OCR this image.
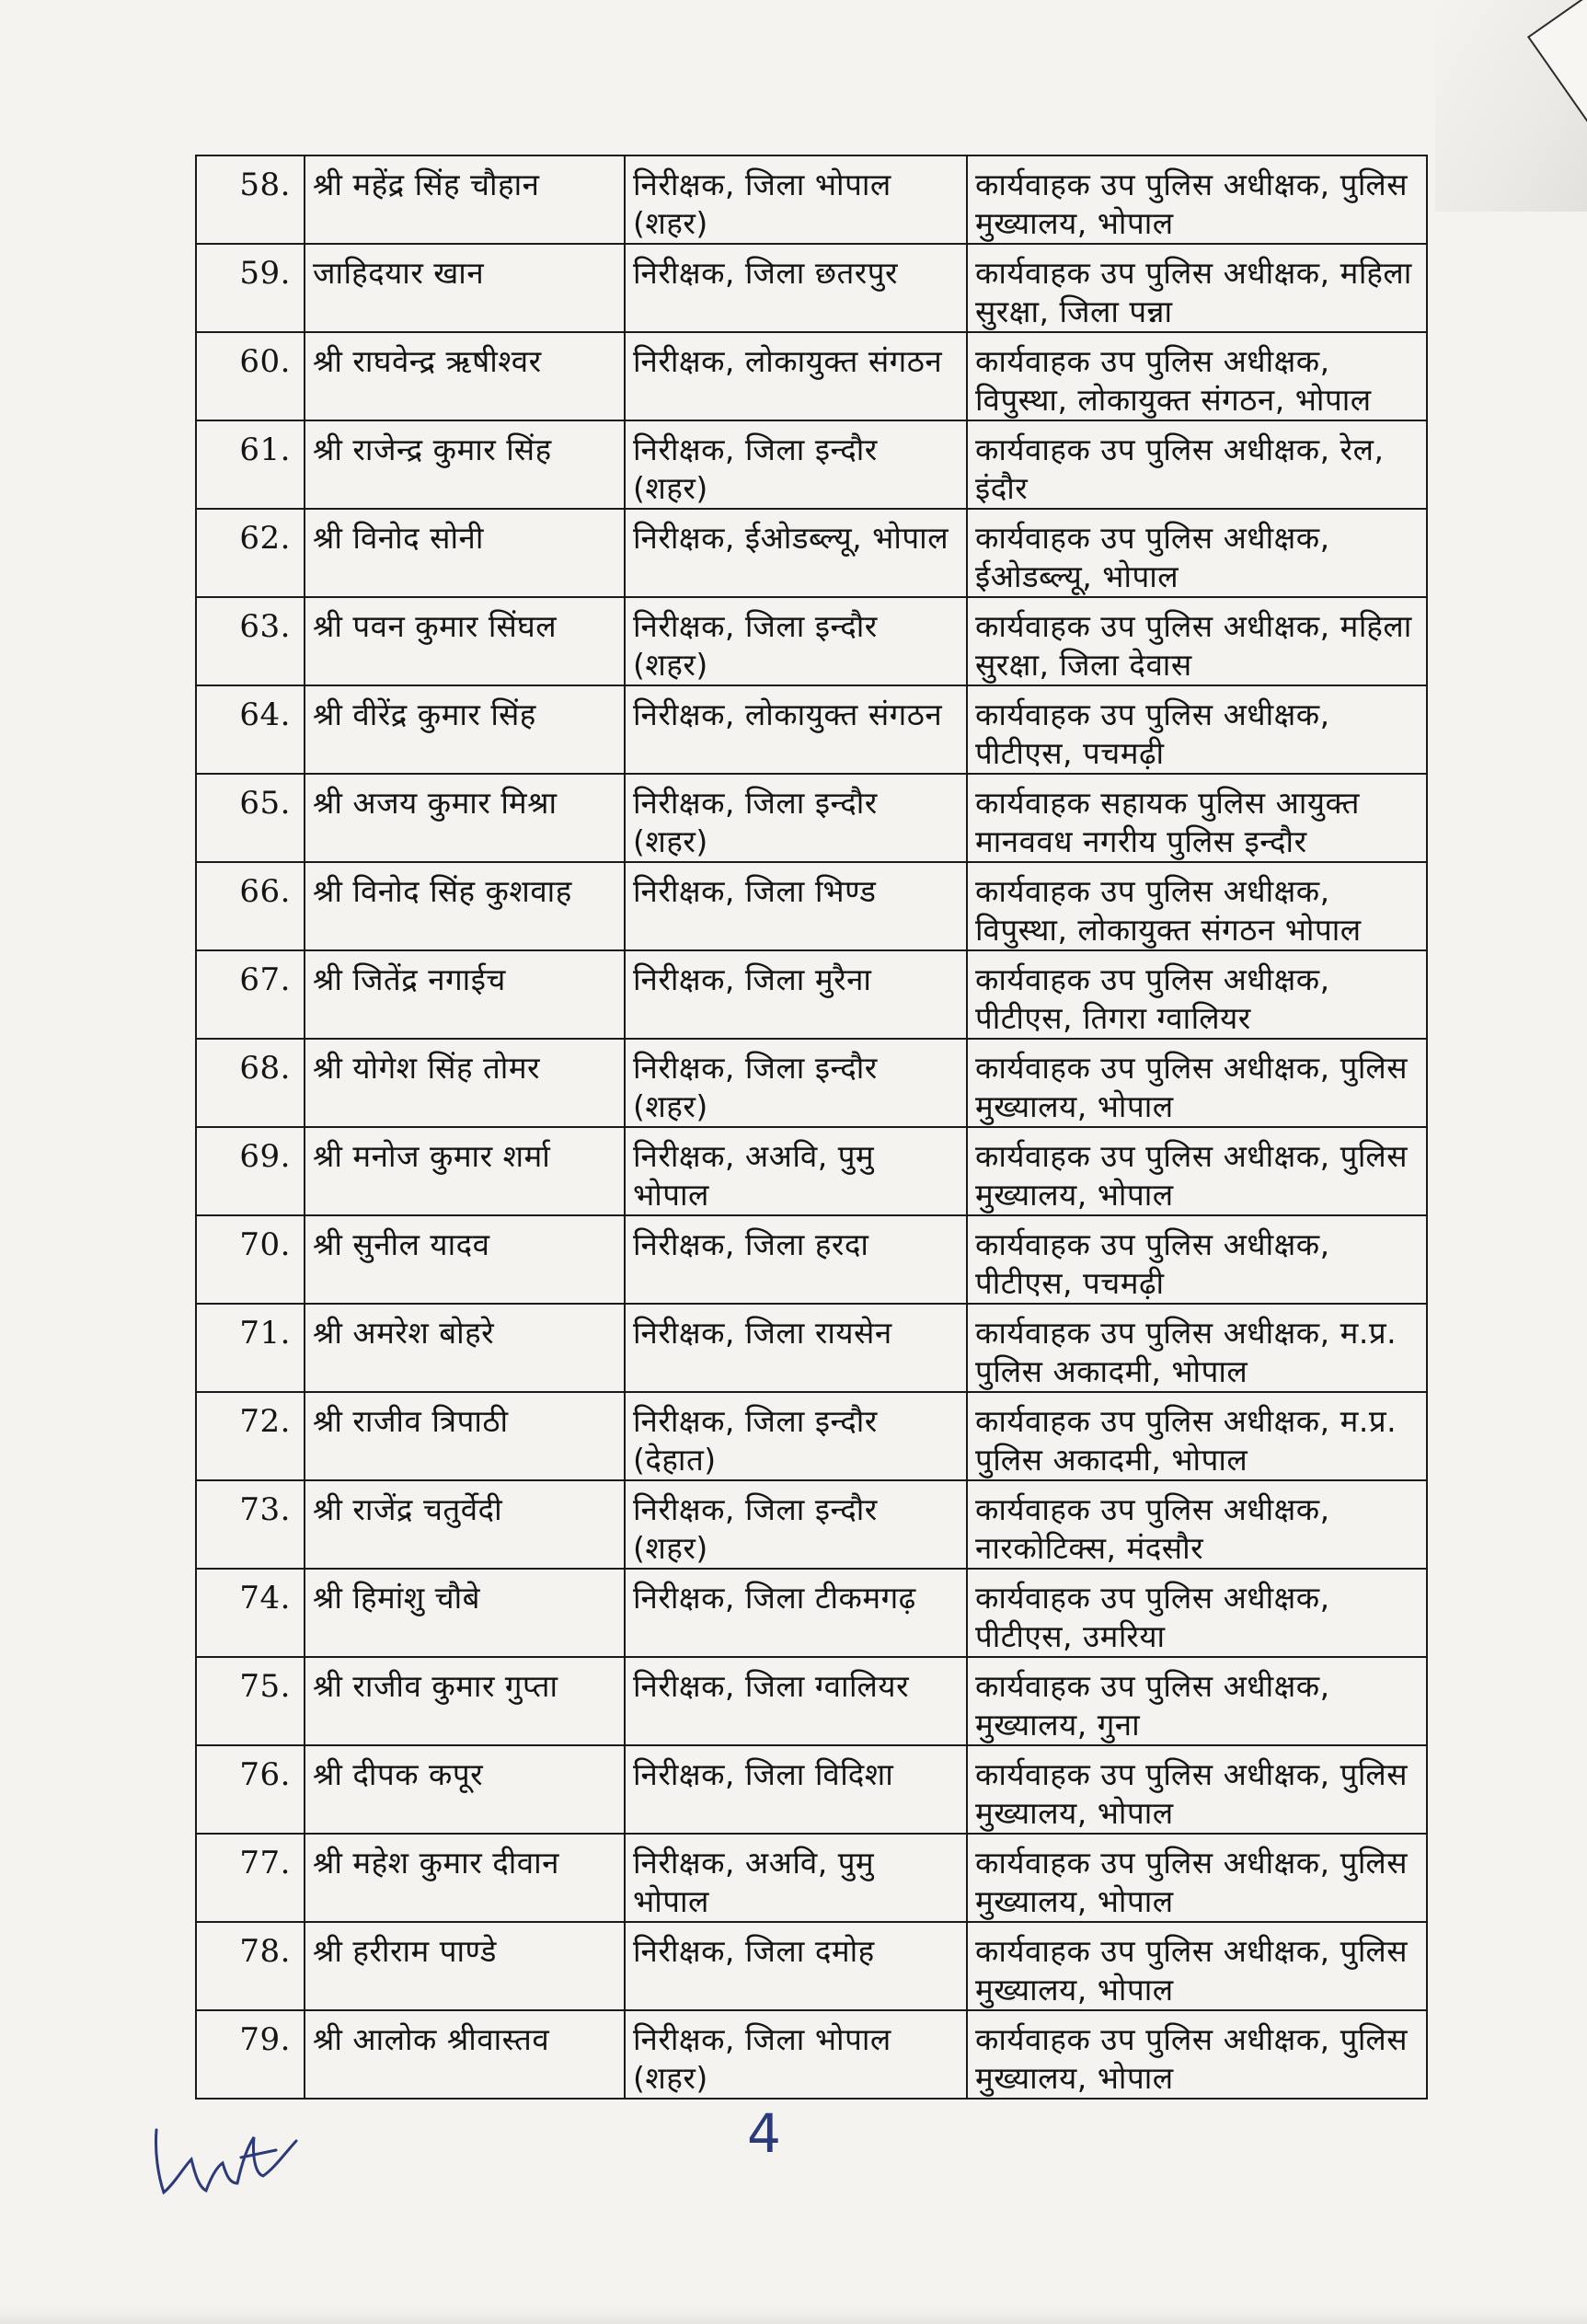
58.	श्री महेंद्र सिंह चौहान	निरीक्षक, जिला भोपाल (शहर)	कार्यवाहक उप पुलिस अधीक्षक, पुलिस मुख्यालय, भोपाल
59.	जाहिदयार खान	निरीक्षक, जिला छतरपुर	कार्यवाहक उप पुलिस अधीक्षक, महिला सुरक्षा, जिला पन्ना
60.	श्री राघवेन्द्र ऋषीश्वर	निरीक्षक, लोकायुक्त संगठन	कार्यवाहक उप पुलिस अधीक्षक, विपुस्था, लोकायुक्त संगठन, भोपाल
61.	श्री राजेन्द्र कुमार सिंह	निरीक्षक, जिला इन्दौर (शहर)	कार्यवाहक उप पुलिस अधीक्षक, रेल, इंदौर
62.	श्री विनोद सोनी	निरीक्षक, ईओडब्ल्यू, भोपाल	कार्यवाहक उप पुलिस अधीक्षक, ईओडब्ल्यू, भोपाल
63.	श्री पवन कुमार सिंघल	निरीक्षक, जिला इन्दौर (शहर)	कार्यवाहक उप पुलिस अधीक्षक, महिला सुरक्षा, जिला देवास
64.	श्री वीरेंद्र कुमार सिंह	निरीक्षक, लोकायुक्त संगठन	कार्यवाहक उप पुलिस अधीक्षक, पीटीएस, पचमढ़ी
65.	श्री अजय कुमार मिश्रा	निरीक्षक, जिला इन्दौर (शहर)	कार्यवाहक सहायक पुलिस आयुक्त मानववध नगरीय पुलिस इन्दौर
66.	श्री विनोद सिंह कुशवाह	निरीक्षक, जिला भिण्ड	कार्यवाहक उप पुलिस अधीक्षक, विपुस्था, लोकायुक्त संगठन भोपाल
67.	श्री जितेंद्र नगाईच	निरीक्षक, जिला मुरैना	कार्यवाहक उप पुलिस अधीक्षक, पीटीएस, तिगरा ग्वालियर
68.	श्री योगेश सिंह तोमर	निरीक्षक, जिला इन्दौर (शहर)	कार्यवाहक उप पुलिस अधीक्षक, पुलिस मुख्यालय, भोपाल
69.	श्री मनोज कुमार शर्मा	निरीक्षक, अअवि, पुमु भोपाल	कार्यवाहक उप पुलिस अधीक्षक, पुलिस मुख्यालय, भोपाल
70.	श्री सुनील यादव	निरीक्षक, जिला हरदा	कार्यवाहक उप पुलिस अधीक्षक, पीटीएस, पचमढ़ी
71.	श्री अमरेश बोहरे	निरीक्षक, जिला रायसेन	कार्यवाहक उप पुलिस अधीक्षक, म.प्र. पुलिस अकादमी, भोपाल
72.	श्री राजीव त्रिपाठी	निरीक्षक, जिला इन्दौर (देहात)	कार्यवाहक उप पुलिस अधीक्षक, म.प्र. पुलिस अकादमी, भोपाल
73.	श्री राजेंद्र चतुर्वेदी	निरीक्षक, जिला इन्दौर (शहर)	कार्यवाहक उप पुलिस अधीक्षक, नारकोटिक्स, मंदसौर
74.	श्री हिमांशु चौबे	निरीक्षक, जिला टीकमगढ़	कार्यवाहक उप पुलिस अधीक्षक, पीटीएस, उमरिया
75.	श्री राजीव कुमार गुप्ता	निरीक्षक, जिला ग्वालियर	कार्यवाहक उप पुलिस अधीक्षक, मुख्यालय, गुना
76.	श्री दीपक कपूर	निरीक्षक, जिला विदिशा	कार्यवाहक उप पुलिस अधीक्षक, पुलिस मुख्यालय, भोपाल
77.	श्री महेश कुमार दीवान	निरीक्षक, अअवि, पुमु भोपाल	कार्यवाहक उप पुलिस अधीक्षक, पुलिस मुख्यालय, भोपाल
78.	श्री हरीराम पाण्डे	निरीक्षक, जिला दमोह	कार्यवाहक उप पुलिस अधीक्षक, पुलिस मुख्यालय, भोपाल
79.	श्री आलोक श्रीवास्तव	निरीक्षक, जिला भोपाल (शहर)	कार्यवाहक उप पुलिस अधीक्षक, पुलिस मुख्यालय, भोपाल
4
